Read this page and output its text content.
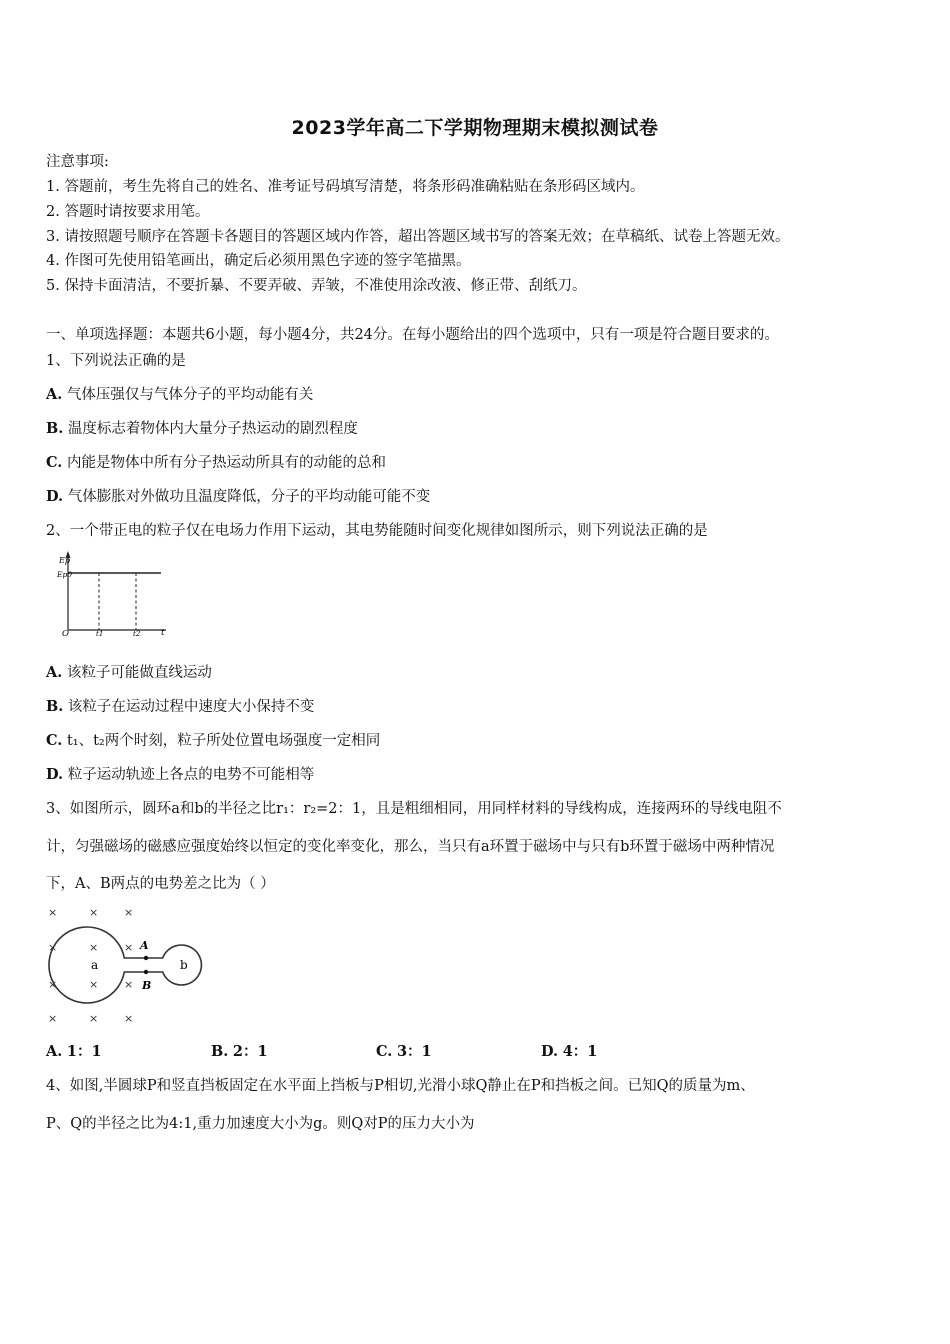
2023学年高二下学期物理期末模拟测试卷
注意事项:
1. 答题前，考生先将自己的姓名、准考证号码填写清楚，将条形码准确粘贴在条形码区域内。
2. 答题时请按要求用笔。
3. 请按照题号顺序在答题卡各题目的答题区域内作答，超出答题区域书写的答案无效；在草稿纸、试卷上答题无效。
4. 作图可先使用铅笔画出，确定后必须用黑色字迹的签字笔描黑。
5. 保持卡面清洁，不要折暴、不要弄破、弄皱，不准使用涂改液、修正带、刮纸刀。
一、单项选择题：本题共6小题，每小题4分，共24分。在每小题给出的四个选项中，只有一项是符合题目要求的。
1、下列说法正确的是
A. 气体压强仅与气体分子的平均动能有关
B. 温度标志着物体内大量分子热运动的剧烈程度
C. 内能是物体中所有分子热运动所具有的动能的总和
D. 气体膨胀对外做功且温度降低，分子的平均动能可能不变
2、一个带正电的粒子仅在电场力作用下运动，其电势能随时间变化规律如图所示，则下列说法正确的是
Ep
Ep0
O	t1	t2 t
A. 该粒子可能做直线运动
B. 该粒子在运动过程中速度大小保持不变
C. t₁、t₂两个时刻，粒子所处位置电场强度一定相同
D. 粒子运动轨迹上各点的电势不可能相等
3、如图所示，圆环a和b的半径之比r₁：r₂=2：1，且是粗细相同，用同样材料的导线构成，连接两环的导线电阻不
计，匀强磁场的磁感应强度始终以恒定的变化率变化，那么，当只有a环置于磁场中与只有b环置于磁场中两种情况
下，A、B两点的电势差之比为（ ）
×	× ×
×	× ×
×	× ×
×	× ×
A
B
a	b
A. 1：1	B. 2：1	C. 3：1	D. 4：1
4、如图,半圆球P和竖直挡板固定在水平面上挡板与P相切,光滑小球Q静止在P和挡板之间。已知Q的质量为m、
P、Q的半径之比为4:1,重力加速度大小为g。则Q对P的压力大小为
